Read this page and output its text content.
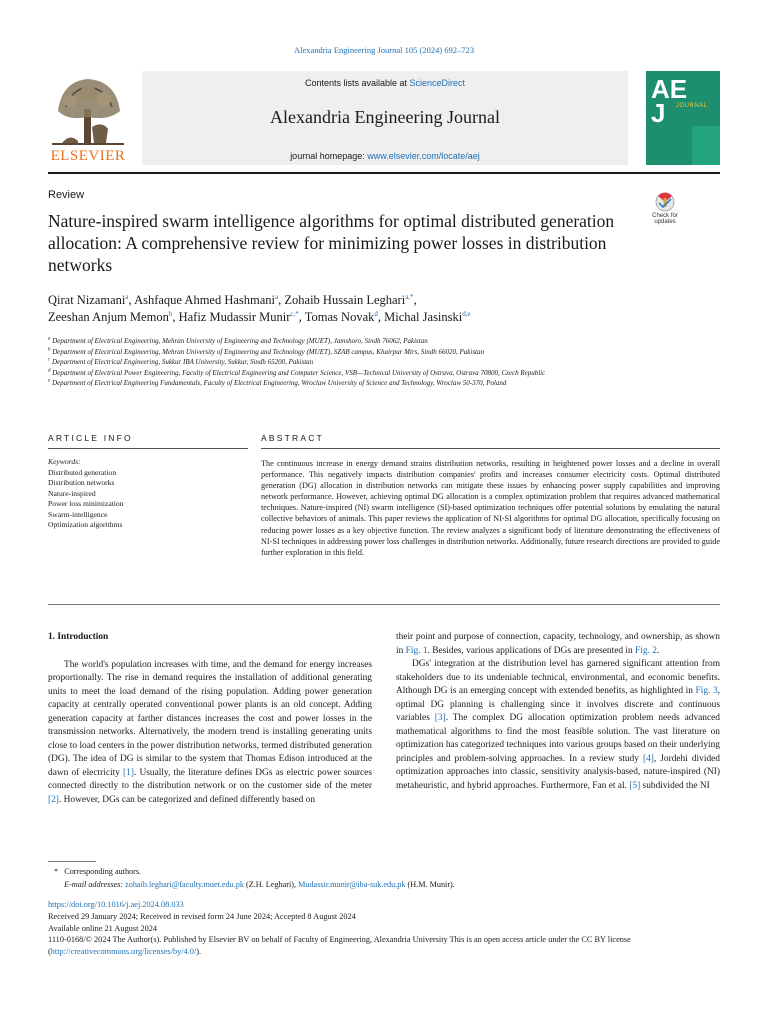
Alexandria Engineering Journal 105 (2024) 692–723
ELSEVIER
Contents lists available at ScienceDirect
Alexandria Engineering Journal
journal homepage: www.elsevier.com/locate/aej
AE
J	JOURNAL
Review
Nature-inspired swarm intelligence algorithms for optimal distributed generation allocation: A comprehensive review for minimizing power losses in distribution networks
Check for
updates
Qirat Nizamani$^a$, Ashfaque Ahmed Hashmani$^a$, Zohaib Hussain Leghari$^{a,*}$,
Zeeshan Anjum Memon$^b$, Hafiz Mudassir Munir$^{c,*}$, Tomas Novak$^d$, Michal Jasinski$^{d,e}$
$^a$ Department of Electrical Engineering, Mehran University of Engineering and Technology (MUET), Jamshoro, Sindh 76062, Pakistan
$^b$ Department of Electrical Engineering, Mehran University of Engineering and Technology (MUET), SZAB campus, Khairpur Mirs, Sindh 66020, Pakistan
$^c$ Department of Electrical Engineering, Sukkur IBA University, Sukkur, Sindh 65200, Pakistan
$^d$ Department of Electrical Power Engineering, Faculty of Electrical Engineering and Computer Science, VSB—Technical University of Ostrava, Ostrava 70800, Czech Republic
$^e$ Department of Electrical Engineering Fundamentals, Faculty of Electrical Engineering, Wroclaw University of Science and Technology, Wroclaw 50-370, Poland
ARTICLE INFO	ABSTRACT
Keywords:
Distributed generation
Distribution networks
Nature-inspired
Power loss minimization
Swarm-intelligence
Optimization algorithms
The continuous increase in energy demand strains distribution networks, resulting in heightened power losses and a decline in overall performance. This negatively impacts distribution companies' profits and increases consumer electricity costs. Optimal distributed generation (DG) allocation in distribution networks can mitigate these issues by enhancing power supply capabilities and improving network performance. However, achieving optimal DG allocation is a complex optimization problem that requires advanced mathematical techniques. Nature-inspired (NI) swarm intelligence (SI)-based optimization techniques offer potential solutions by emulating the natural collective behaviors of animals. This paper reviews the application of NI-SI algorithms for optimal DG allocation, specifically focusing on reducing power losses as a key objective function. The review analyzes a significant body of literature demonstrating the effectiveness of NI-SI techniques in addressing power loss challenges in distribution networks. Additionally, future research directions are provided to guide further exploration in this field.
1. Introduction

The world's population increases with time, and the demand for energy increases proportionally. The rise in demand requires the installation of additional generating units to meet the load demand of the rising population. Adding power generation capacity at centrally operated conventional power plants is an old concept. Adding generation capacity at farther distances increases the cost and power losses in the transmission networks. Alternatively, the modern trend is installing generating units close to load centers in the power distribution networks, termed distributed generation (DG). The idea of DG is similar to the system that Thomas Edison introduced at the dawn of electricity [1]. Usually, the literature defines DGs as electric power sources connected directly to the distribution network or on the customer side of the meter [2]. However, DGs can be categorized and defined differently based on

their point and purpose of connection, capacity, technology, and ownership, as shown in Fig. 1. Besides, various applications of DGs are presented in Fig. 2.

DGs' integration at the distribution level has garnered significant attention from stakeholders due to its undeniable technical, environmental, and economic benefits. Although DG is an emerging concept with extended benefits, as highlighted in Fig. 3, optimal DG planning is challenging since it involves discrete and continuous variables [3]. The complex DG allocation optimization problem needs advanced mathematical algorithms to find the most feasible solution. The vast literature on optimization has categorized techniques into various groups based on their underlying principles and problem-solving approaches. In a review study [4], Jordehi divided optimization approaches into classic, sensitivity analysis-based, nature-inspired (NI) metaheuristic, and hybrid approaches. Furthermore, Fan et al. [5] subdivided the NI

*   Corresponding authors.
E-mail addresses: zohaib.leghari@faculty.muet.edu.pk (Z.H. Leghari), Mudassir.munir@iba-suk.edu.pk (H.M. Munir).
https://doi.org/10.1016/j.aej.2024.08.033
Received 29 January 2024; Received in revised form 24 June 2024; Accepted 8 August 2024
Available online 21 August 2024
1110-0168/© 2024 The Author(s). Published by Elsevier BV on behalf of Faculty of Engineering, Alexandria University This is an open access article under the CC BY license (http://creativecommons.org/licenses/by/4.0/).
